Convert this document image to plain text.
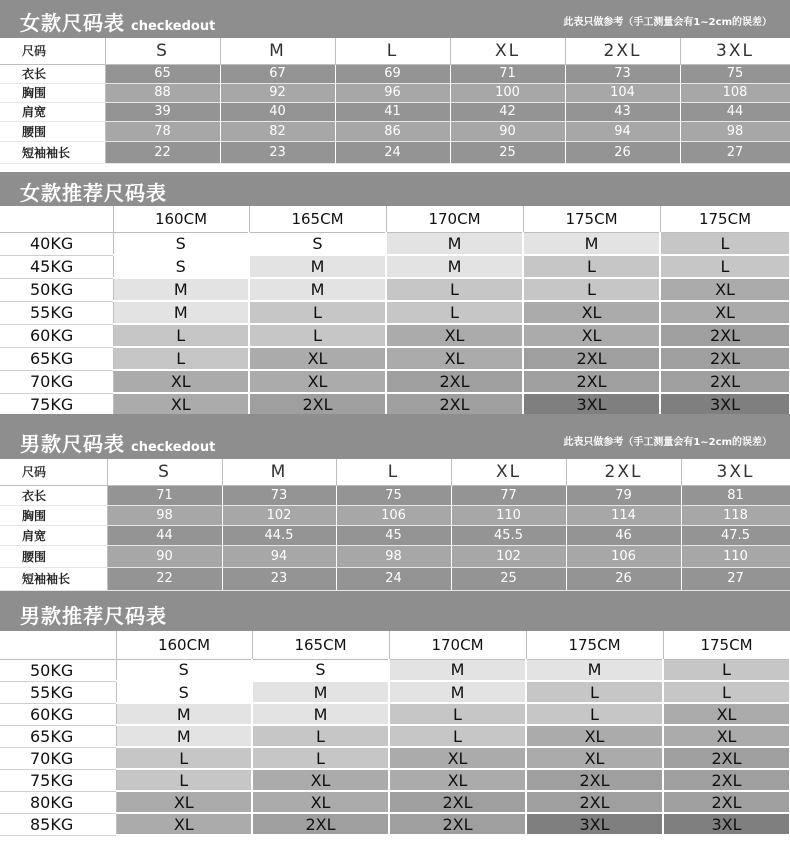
女款尺码表 checkedout	此表只做参考（手工测量会有1~2cm的误差）
尺码	S	M	L	XL	2XL	3XL
衣长	65	67	69	71	73	75
胸围	88	92	96	100	104	108
肩宽	39	40	41	42	43	44
腰围	78	82	86	90	94	98
短袖袖长	22	23	24	25	26	27
女款推荐尺码表
	160CM	165CM	170CM	175CM	175CM
40KG	S	S	M	M	L
45KG	S	M	M	L	L
50KG	M	M	L	L	XL
55KG	M	L	L	XL	XL
60KG	L	L	XL	XL	2XL
65KG	L	XL	XL	2XL	2XL
70KG	XL	XL	2XL	2XL	2XL
75KG	XL	2XL	2XL	3XL	3XL
男款尺码表 checkedout	此表只做参考（手工测量会有1~2cm的误差）
尺码	S	M	L	XL	2XL	3XL
衣长	71	73	75	77	79	81
胸围	98	102	106	110	114	118
肩宽	44	44.5	45	45.5	46	47.5
腰围	90	94	98	102	106	110
短袖袖长	22	23	24	25	26	27
男款推荐尺码表
	160CM	165CM	170CM	175CM	175CM
50KG	S	S	M	M	L
55KG	S	M	M	L	L
60KG	M	M	L	L	XL
65KG	M	L	L	XL	XL
70KG	L	L	XL	XL	2XL
75KG	L	XL	XL	2XL	2XL
80KG	XL	XL	2XL	2XL	2XL
85KG	XL	2XL	2XL	3XL	3XL
